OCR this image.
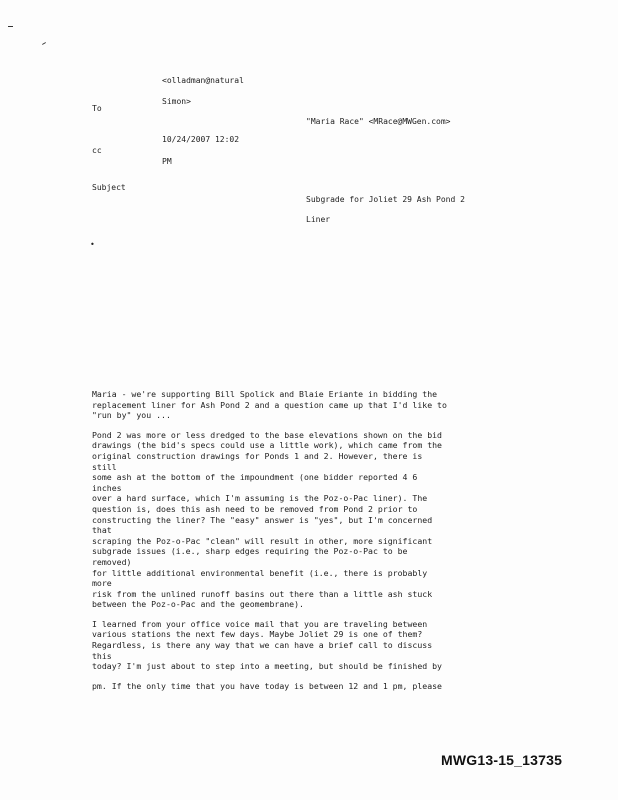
<olladman@natural
Simon>
To
"Maria Race" <MRace@MWGen.com>
10/24/2007 12:02
cc
PM
Subject
Subgrade for Joliet 29 Ash Pond 2
Liner
•
Maria - we're supporting Bill Spolick and Blaie Eriante in bidding the
replacement liner for Ash Pond 2 and a question came up that I'd like to
"run by" you ...
Pond 2 was more or less dredged to the base elevations shown on the bid
drawings (the bid's specs could use a little work), which came from the
original construction drawings for Ponds 1 and 2. However, there is
still
some ash at the bottom of the impoundment (one bidder reported 4 6
inches
over a hard surface, which I'm assuming is the Poz-o-Pac liner). The
question is, does this ash need to be removed from Pond 2 prior to
constructing the liner? The "easy" answer is "yes", but I'm concerned
that
scraping the Poz-o-Pac "clean" will result in other, more significant
subgrade issues (i.e., sharp edges requiring the Poz-o-Pac to be
removed)
for little additional environmental benefit (i.e., there is probably
more
risk from the unlined runoff basins out there than a little ash stuck
between the Poz-o-Pac and the geomembrane).
I learned from your office voice mail that you are traveling between
various stations the next few days. Maybe Joliet 29 is one of them?
Regardless, is there any way that we can have a brief call to discuss
this
today? I'm just about to step into a meeting, but should be finished by
pm. If the only time that you have today is between 12 and 1 pm, please
MWG13-15_13735
